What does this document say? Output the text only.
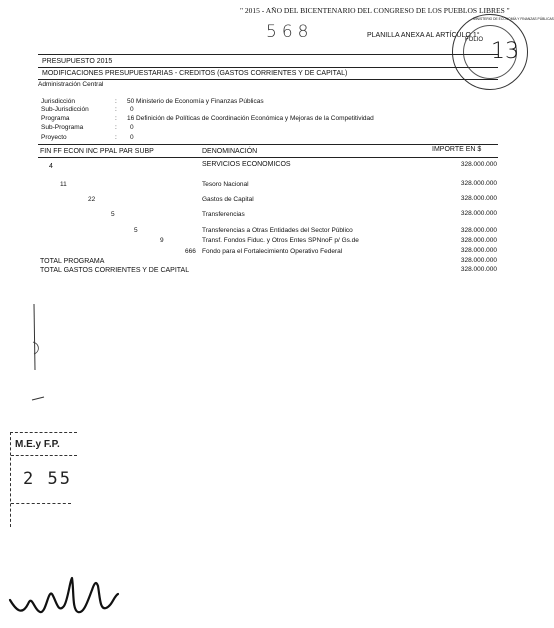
" 2015 - AÑO DEL BICENTENARIO DEL CONGRESO DE LOS PUEBLOS LIBRES "
568	PLANILLA ANEXA AL ARTÍCULO 1°
MINISTERIO DE ECONOMÍA Y FINANZAS PÚBLICAS
FOLIO 13
PRESUPUESTO 2015
MODIFICACIONES PRESUPUESTARIAS - CREDITOS (GASTOS CORRIENTES Y DE CAPITAL)
Administración Central
Jurisdicción	: 50 Ministerio de Economía y Finanzas Públicas
Sub-Jurisdicción	: 0
Programa	: 16 Definición de Políticas de Coordinación Económica y Mejoras de la Competitividad
Sub-Programa	: 0
Proyecto	: 0
FIN FF ECON INC PPAL PAR SUBP	DENOMINACIÓN	IMPORTE EN $
4	SERVICIOS ECONOMICOS	328.000.000
11	Tesoro Nacional	328.000.000
22	Gastos de Capital	328.000.000
5	Transferencias	328.000.000
5	Transferencias a Otras Entidades del Sector Público	328.000.000
9	Transf. Fondos Fiduc. y Otros Entes SPNnoF p/ Gs.de	328.000.000
666 Fondo para el Fortalecimiento Operativo Federal	328.000.000
TOTAL PROGRAMA	328.000.000
TOTAL GASTOS CORRIENTES Y DE CAPITAL	328.000.000
M.E.y F.P.
2 55
